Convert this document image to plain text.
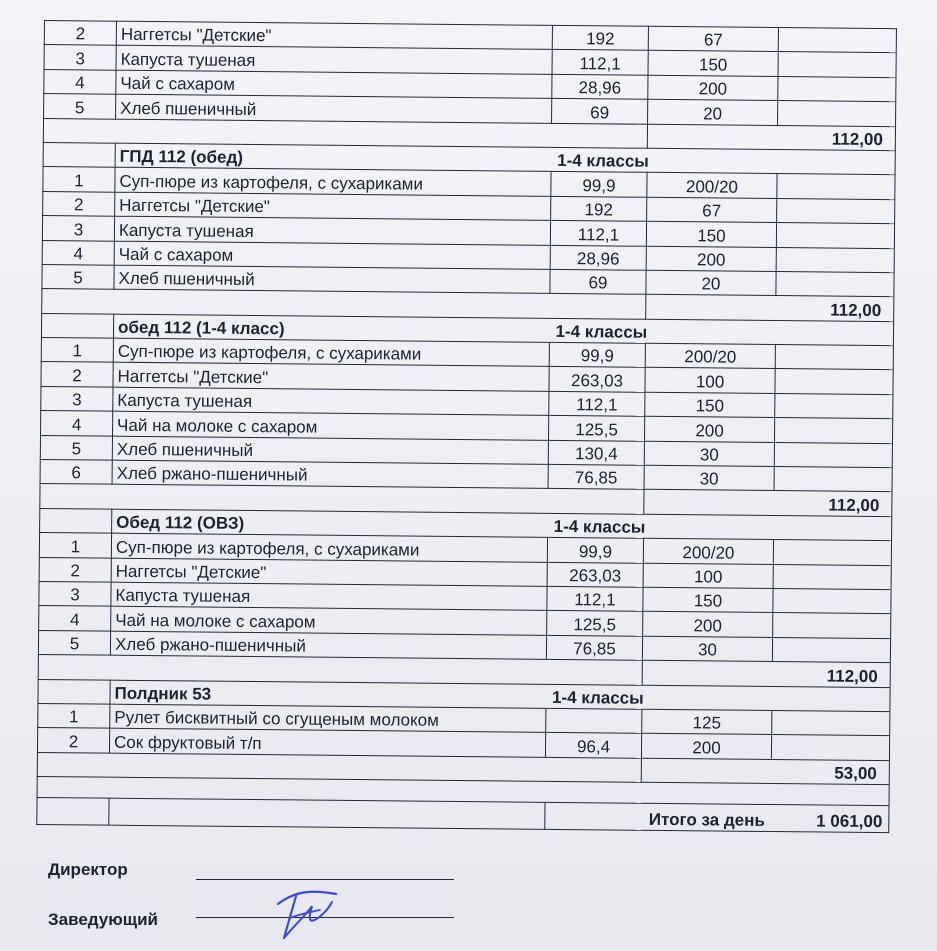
2	Наггетсы "Детские"	192	67	
3	Капуста тушеная	112,1	150	
4	Чай с сахаром	28,96	200	
5	Хлеб пшеничный	69	20	
			112,00	
	ГПД 112 (обед)	1-4 классы		
1	Суп-пюре из картофеля, с сухариками	99,9	200/20	
2	Наггетсы "Детские"	192	67	
3	Капуста тушеная	112,1	150	
4	Чай с сахаром	28,96	200	
5	Хлеб пшеничный	69	20	
			112,00	
	обед 112 (1-4 класс)	1-4 классы		
1	Суп-пюре из картофеля, с сухариками	99,9	200/20	
2	Наггетсы "Детские"	263,03	100	
3	Капуста тушеная	112,1	150	
4	Чай на молоке с сахаром	125,5	200	
5	Хлеб пшеничный	130,4	30	
6	Хлеб ржано-пшеничный	76,85	30	
			112,00	
	Обед 112 (ОВЗ)	1-4 классы		
1	Суп-пюре из картофеля, с сухариками	99,9	200/20	
2	Наггетсы "Детские"	263,03	100	
3	Капуста тушеная	112,1	150	
4	Чай на молоке с сахаром	125,5	200	
5	Хлеб ржано-пшеничный	76,85	30	
			112,00	
	Полдник 53	1-4 классы		
1	Рулет бисквитный со сгущеным молоком		125	
2	Сок фруктовый т/п	96,4	200	
			53,00	

		Итого за день		1 061,00
Директор
Заведующий
